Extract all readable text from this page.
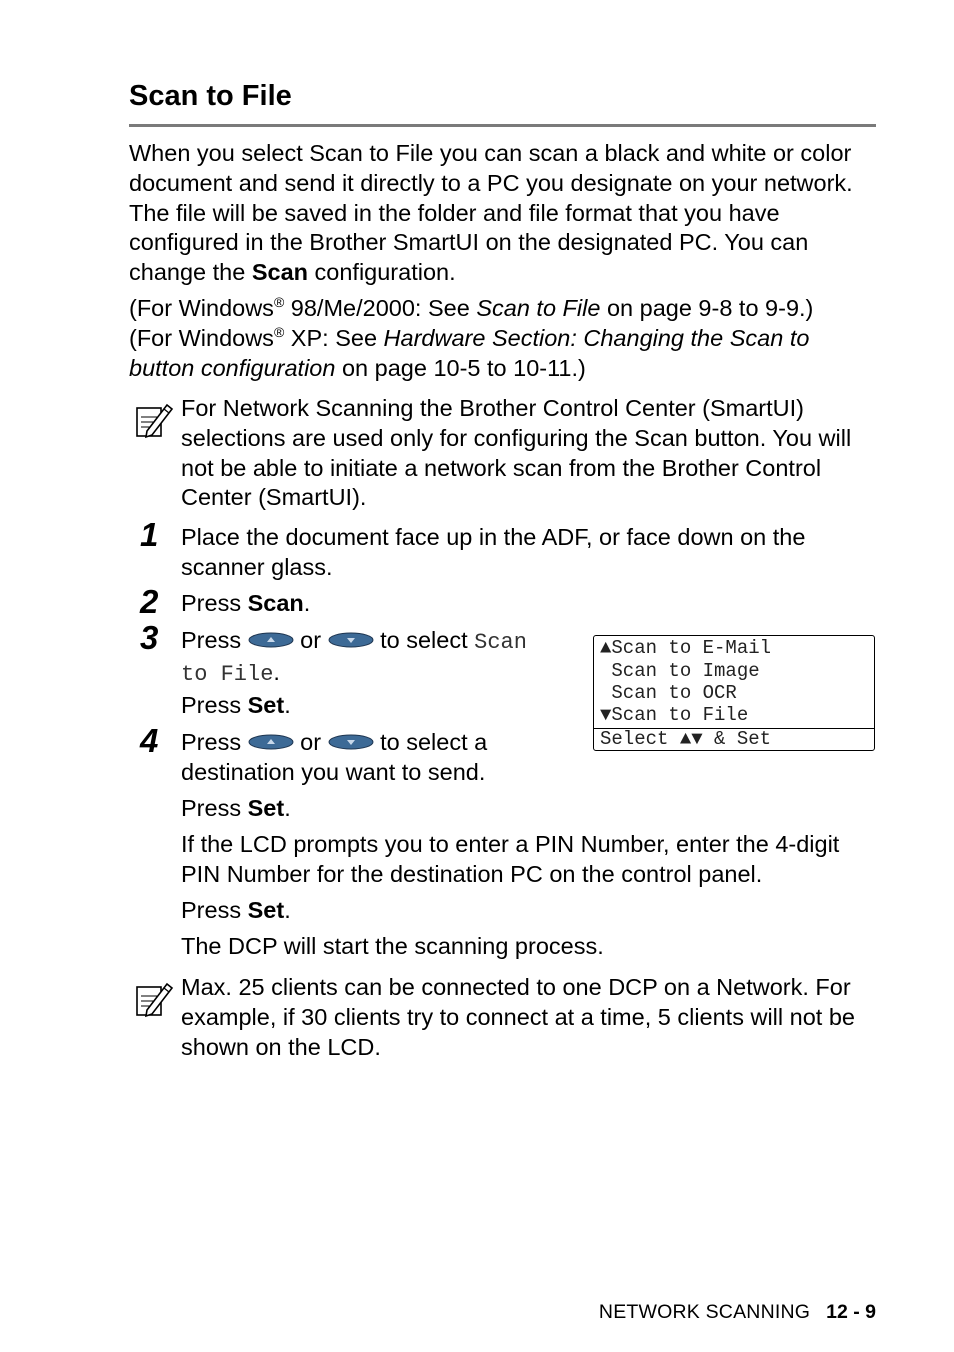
Scan to File

When you select Scan to File you can scan a black and white or color document and send it directly to a PC you designate on your network. The file will be saved in the folder and file format that you have configured in the Brother SmartUI on the designated PC. You can change the Scan configuration.

(For Windows® 98/Me/2000: See Scan to File on page 9-8 to 9-9.)
(For Windows® XP: See Hardware Section: Changing the Scan to button configuration on page 10-5 to 10-11.)

For Network Scanning the Brother Control Center (SmartUI) selections are used only for configuring the Scan button. You will not be able to initiate a network scan from the Brother Control Center (SmartUI).

1 Place the document face up in the ADF, or face down on the scanner glass.

2 Press Scan.

3 Press
or
to select Scan
to File.

Press Set.

▲Scan to E-Mail
Scan to Image
Scan to OCR
▼Scan to File
Select ▲▼ & Set
4 Press
or
to select a
destination you want to send.

Press Set.

If the LCD prompts you to enter a PIN Number, enter the 4-digit PIN Number for the destination PC on the control panel.

Press Set.

The DCP will start the scanning process.

Max. 25 clients can be connected to one DCP on a Network. For example, if 30 clients try to connect at a time, 5 clients will not be shown on the LCD.

NETWORK SCANNING 12 - 9
